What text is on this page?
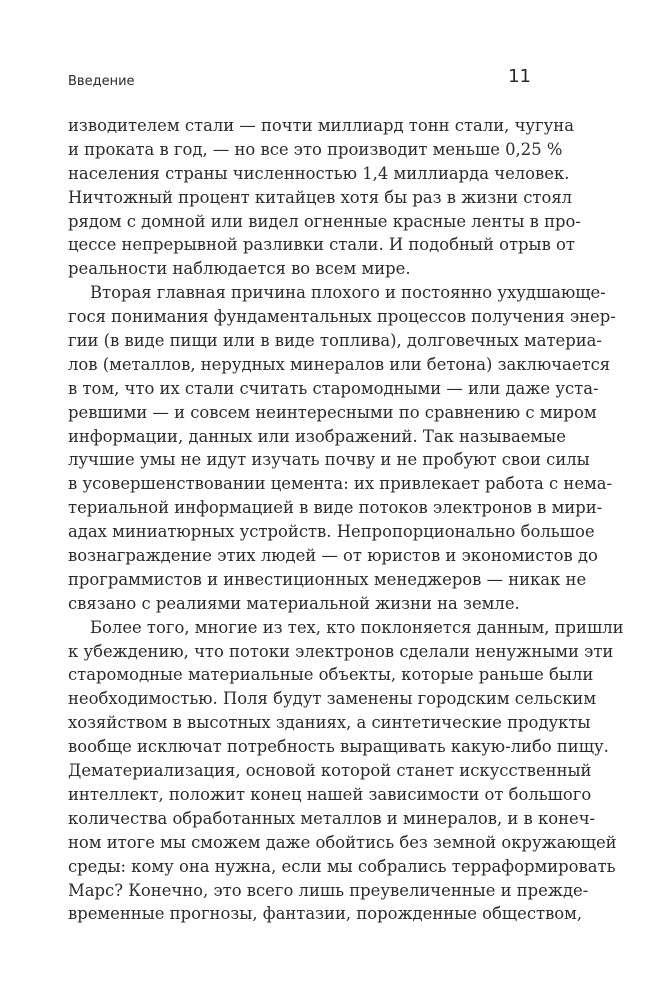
Введение	11
изводителем стали — почти миллиард тонн стали, чугуна
и проката в год, — но все это производит меньше 0,25 %
населения страны численностью 1,4 миллиарда человек.
Ничтожный процент китайцев хотя бы раз в жизни стоял
рядом с домной или видел огненные красные ленты в про-
цессе непрерывной разливки стали. И подобный отрыв от
реальности наблюдается во всем мире.
Вторая главная причина плохого и постоянно ухудшающе-
гося понимания фундаментальных процессов получения энер-
гии (в виде пищи или в виде топлива), долговечных материа-
лов (металлов, нерудных минералов или бетона) заключается
в том, что их стали считать старомодными — или даже уста-
ревшими — и совсем неинтересными по сравнению с миром
информации, данных или изображений. Так называемые
лучшие умы не идут изучать почву и не пробуют свои силы
в усовершенствовании цемента: их привлекает работа с нема-
териальной информацией в виде потоков электронов в мири-
адах миниатюрных устройств. Непропорционально большое
вознаграждение этих людей — от юристов и экономистов до
программистов и инвестиционных менеджеров — никак не
связано с реалиями материальной жизни на земле.
Более того, многие из тех, кто поклоняется данным, пришли
к убеждению, что потоки электронов сделали ненужными эти
старомодные материальные объекты, которые раньше были
необходимостью. Поля будут заменены городским сельским
хозяйством в высотных зданиях, а синтетические продукты
вообще исключат потребность выращивать какую-либо пищу.
Дематериализация, основой которой станет искусственный
интеллект, положит конец нашей зависимости от большого
количества обработанных металлов и минералов, и в конеч-
ном итоге мы сможем даже обойтись без земной окружающей
среды: кому она нужна, если мы собрались терраформировать
Марс? Конечно, это всего лишь преувеличенные и прежде-
временные прогнозы, фантазии, порожденные обществом,
